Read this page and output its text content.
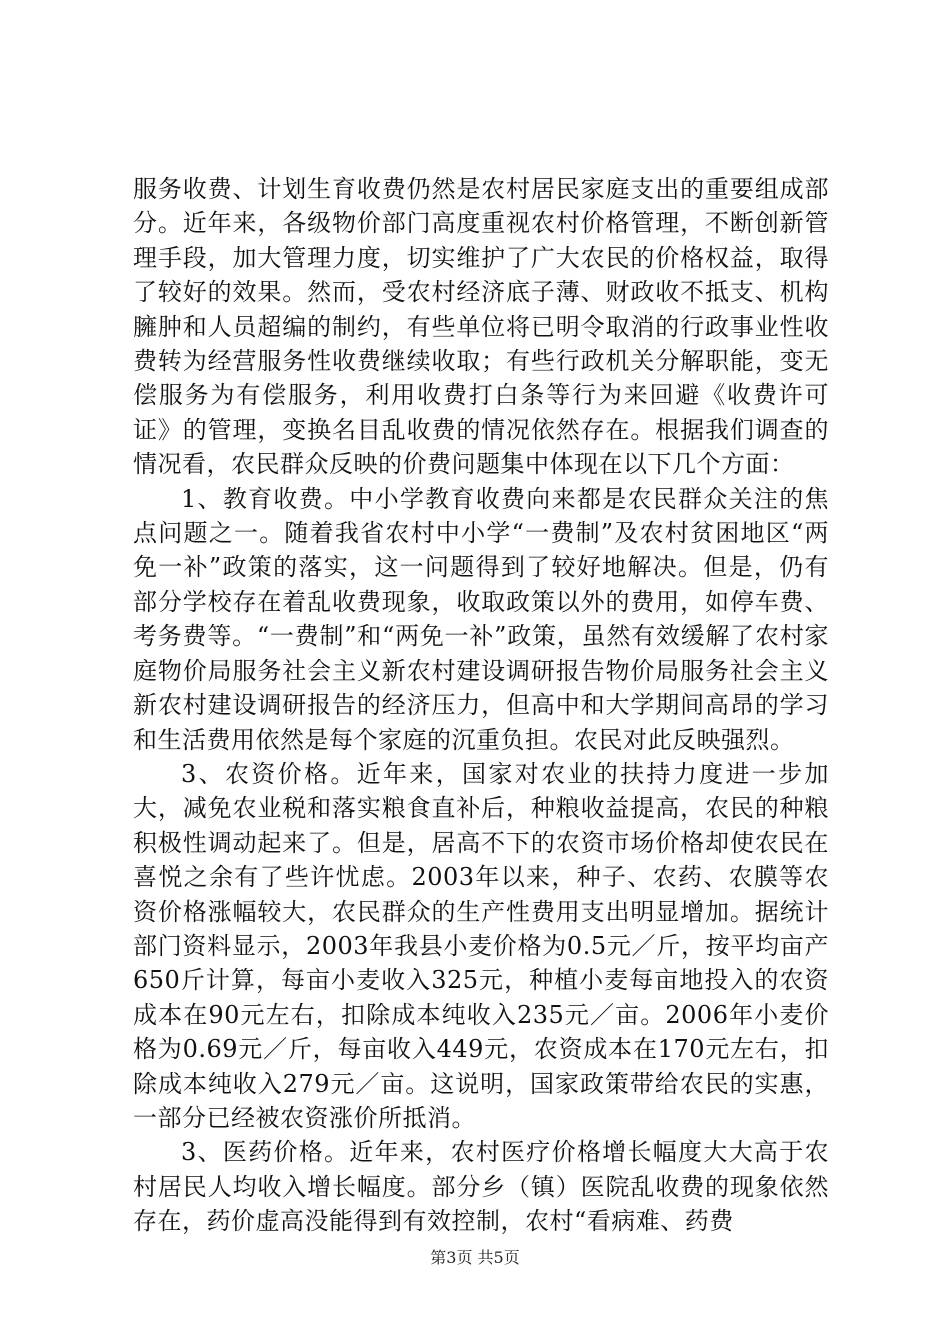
服务收费、计划生育收费仍然是农村居民家庭支出的重要组成部分。近年来，各级物价部门高度重视农村价格管理，不断创新管理手段，加大管理力度，切实维护了广大农民的价格权益，取得了较好的效果。然而，受农村经济底子薄、财政收不抵支、机构臃肿和人员超编的制约，有些单位将已明令取消的行政事业性收费转为经营服务性收费继续收取；有些行政机关分解职能，变无偿服务为有偿服务，利用收费打白条等行为来回避《收费许可证》的管理，变换名目乱收费的情况依然存在。根据我们调查的情况看，农民群众反映的价费问题集中体现在以下几个方面：

1、教育收费。中小学教育收费向来都是农民群众关注的焦点问题之一。随着我省农村中小学“一费制”及农村贫困地区“两免一补”政策的落实，这一问题得到了较好地解决。但是，仍有部分学校存在着乱收费现象，收取政策以外的费用，如停车费、考务费等。“一费制”和“两免一补”政策，虽然有效缓解了农村家庭物价局服务社会主义新农村建设调研报告物价局服务社会主义新农村建设调研报告的经济压力，但高中和大学期间高昂的学习和生活费用依然是每个家庭的沉重负担。农民对此反映强烈。

3、农资价格。近年来，国家对农业的扶持力度进一步加大，减免农业税和落实粮食直补后，种粮收益提高，农民的种粮积极性调动起来了。但是，居高不下的农资市场价格却使农民在喜悦之余有了些许忧虑。2003年以来，种子、农药、农膜等农资价格涨幅较大，农民群众的生产性费用支出明显增加。据统计部门资料显示，2003年我县小麦价格为0.5元／斤，按平均亩产650斤计算，每亩小麦收入325元，种植小麦每亩地投入的农资成本在90元左右，扣除成本纯收入235元／亩。2006年小麦价格为0.69元／斤，每亩收入449元，农资成本在170元左右，扣除成本纯收入279元／亩。这说明，国家政策带给农民的实惠，一部分已经被农资涨价所抵消。

3、医药价格。近年来，农村医疗价格增长幅度大大高于农村居民人均收入增长幅度。部分乡（镇）医院乱收费的现象依然存在，药价虚高没能得到有效控制，农村“看病难、药费

第3页 共5页
